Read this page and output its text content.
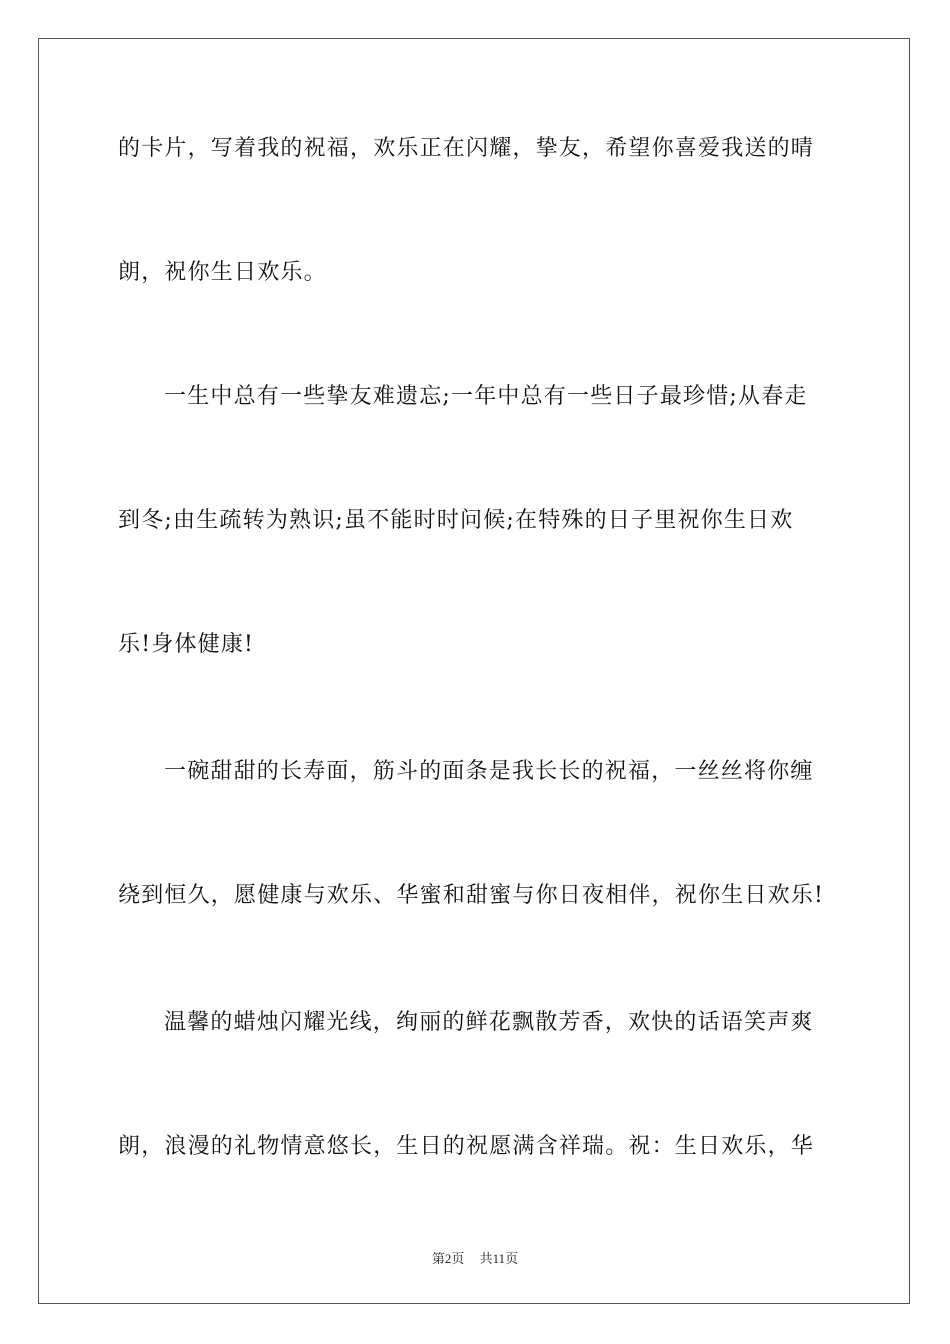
的卡片，写着我的祝福，欢乐正在闪耀，挚友，希望你喜爱我送的晴
朗，祝你生日欢乐。
一生中总有一些挚友难遗忘;一年中总有一些日子最珍惜;从春走
到冬;由生疏转为熟识;虽不能时时问候;在特殊的日子里祝你生日欢
乐!身体健康!
一碗甜甜的长寿面，筋斗的面条是我长长的祝福，一丝丝将你缠
绕到恒久，愿健康与欢乐、华蜜和甜蜜与你日夜相伴，祝你生日欢乐!
温馨的蜡烛闪耀光线，绚丽的鲜花飘散芳香，欢快的话语笑声爽
朗，浪漫的礼物情意悠长，生日的祝愿满含祥瑞。祝：生日欢乐，华
第2页 共11页
